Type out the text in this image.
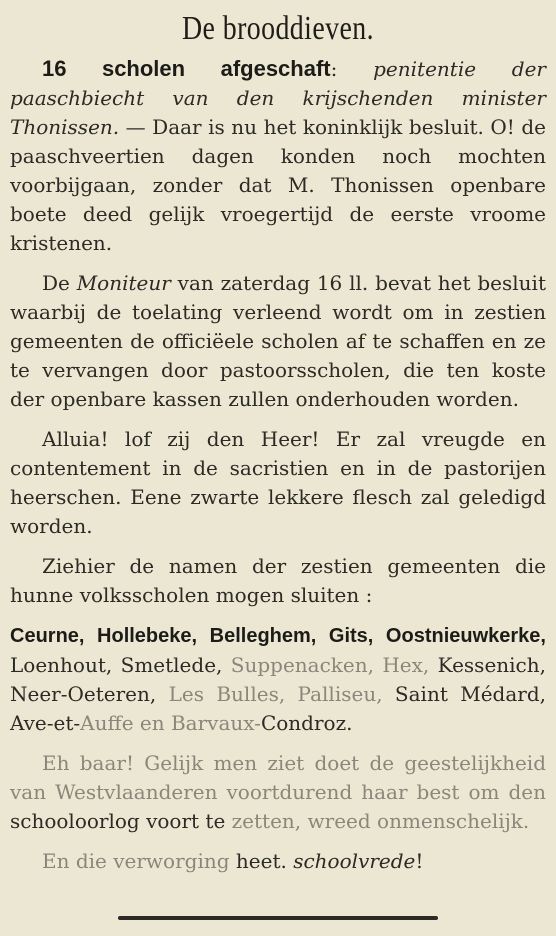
De brooddieven.

16 scholen afgeschaft: penitentie der paaschbiecht van den krijschenden minister Thonissen. — Daar is nu het koninklijk besluit. O! de paaschveertien dagen konden noch mochten voorbijgaan, zonder dat M. Thonissen openbare boete deed gelijk vroegertijd de eerste vroome kristenen.

De Moniteur van zaterdag 16 ll. bevat het besluit waarbij de toelating verleend wordt om in zestien gemeenten de officiëele scholen af te schaffen en ze te vervangen door pastoorsscholen, die ten koste der openbare kassen zullen onderhouden worden.

Alluia! lof zij den Heer! Er zal vreugde en contentement in de sacristien en in de pastorijen heerschen. Eene zwarte lekkere flesch zal geledigd worden.

Ziehier de namen der zestien gemeenten die hunne volksscholen mogen sluiten :

Ceurne, Hollebeke, Belleghem, Gits, Oostnieuwkerke, Loenhout, Smetlede, Suppenacken, Hex, Kessenich, Neer-Oeteren, Les Bulles, Palliseu, Saint Médard, Ave-et-Auffe en Barvaux-Condroz.

Eh baar! Gelijk men ziet doet de geestelijkheid van Westvlaanderen voortdurend haar best om den schooloorlog voort te zetten, wreed onmenschelijk.

En die verworging heet. schoolvrede!
